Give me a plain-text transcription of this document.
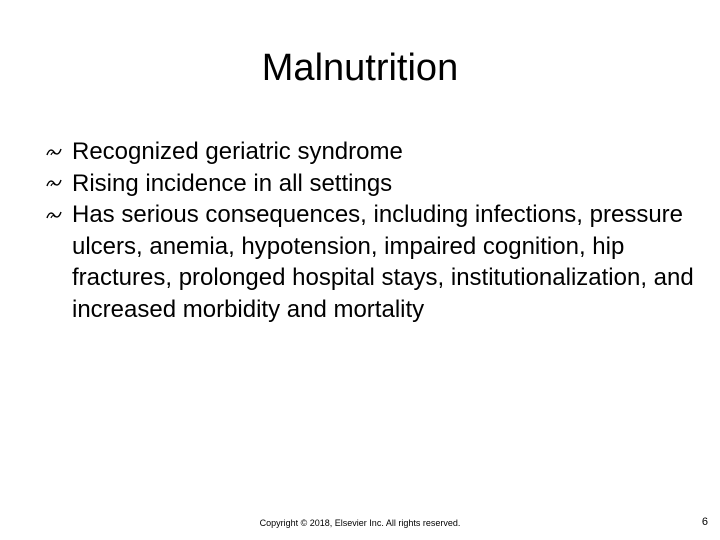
Malnutrition
Recognized geriatric syndrome
Rising incidence in all settings
Has serious consequences, including infections, pressure ulcers, anemia, hypotension, impaired cognition, hip fractures, prolonged hospital stays, institutionalization, and increased morbidity and mortality
Copyright © 2018, Elsevier Inc. All rights reserved.	6
